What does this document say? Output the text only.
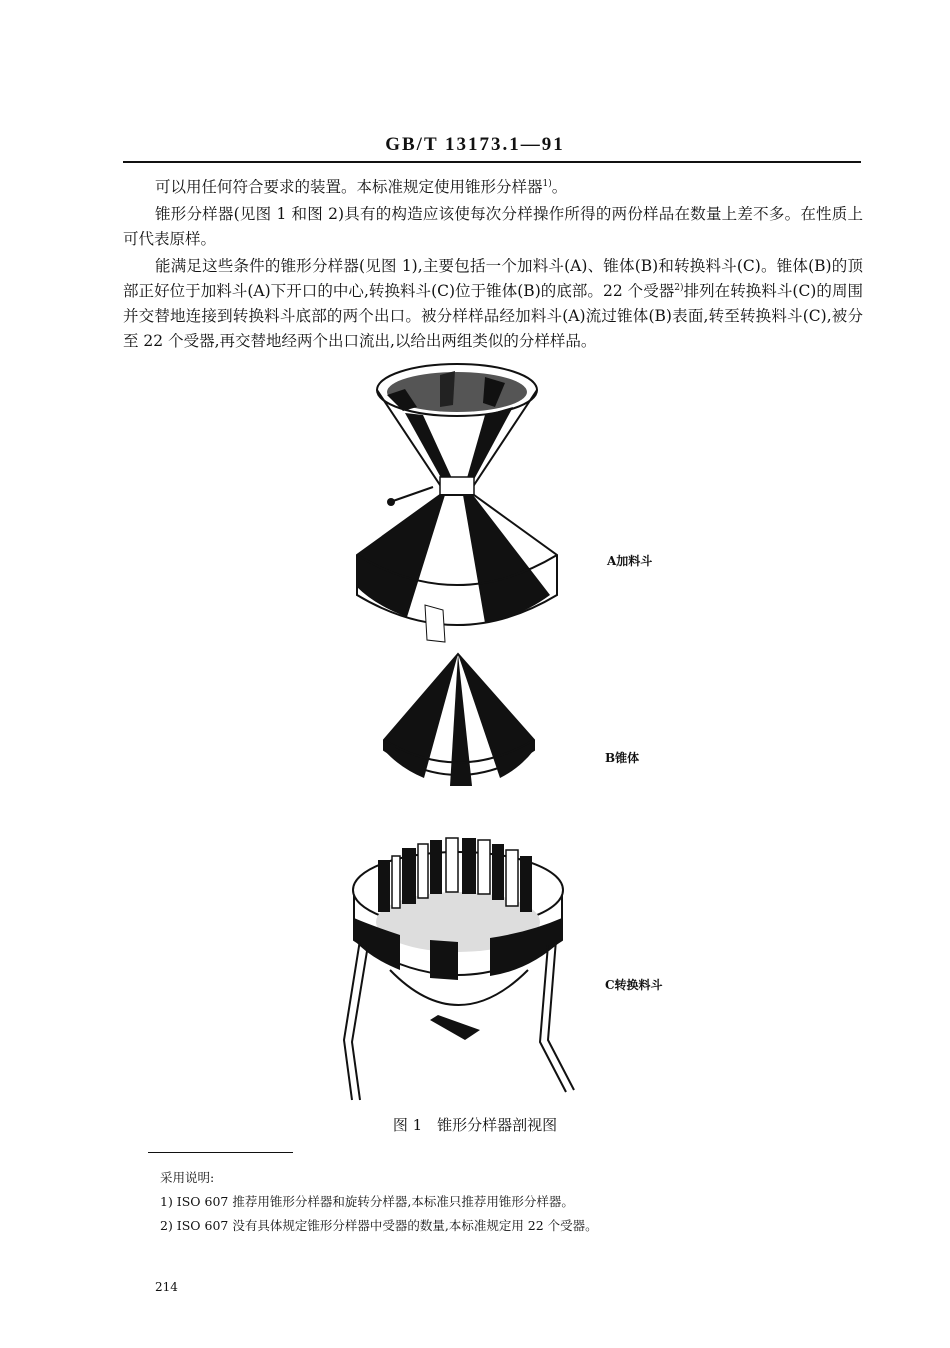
GB/T 13173.1—91

可以用任何符合要求的装置。本标准规定使用锥形分样器$^{1)}$。

锥形分样器(见图 1 和图 2)具有的构造应该使每次分样操作所得的两份样品在数量上差不多。在性质上可代表原样。

能满足这些条件的锥形分样器(见图 1),主要包括一个加料斗(A)、锥体(B)和转换料斗(C)。锥体(B)的顶部正好位于加料斗(A)下开口的中心,转换料斗(C)位于锥体(B)的底部。22 个受器$^{2)}$排列在转换料斗(C)的周围并交替地连接到转换料斗底部的两个出口。被分样样品经加料斗(A)流过锥体(B)表面,转至转换料斗(C),被分至 22 个受器,再交替地经两个出口流出,以给出两组类似的分样样品。

A加料斗
B锥体
C转换料斗
图 1　锥形分样器剖视图

采用说明:

1) ISO 607 推荐用锥形分样器和旋转分样器,本标准只推荐用锥形分样器。

2) ISO 607 没有具体规定锥形分样器中受器的数量,本标准规定用 22 个受器。

214
